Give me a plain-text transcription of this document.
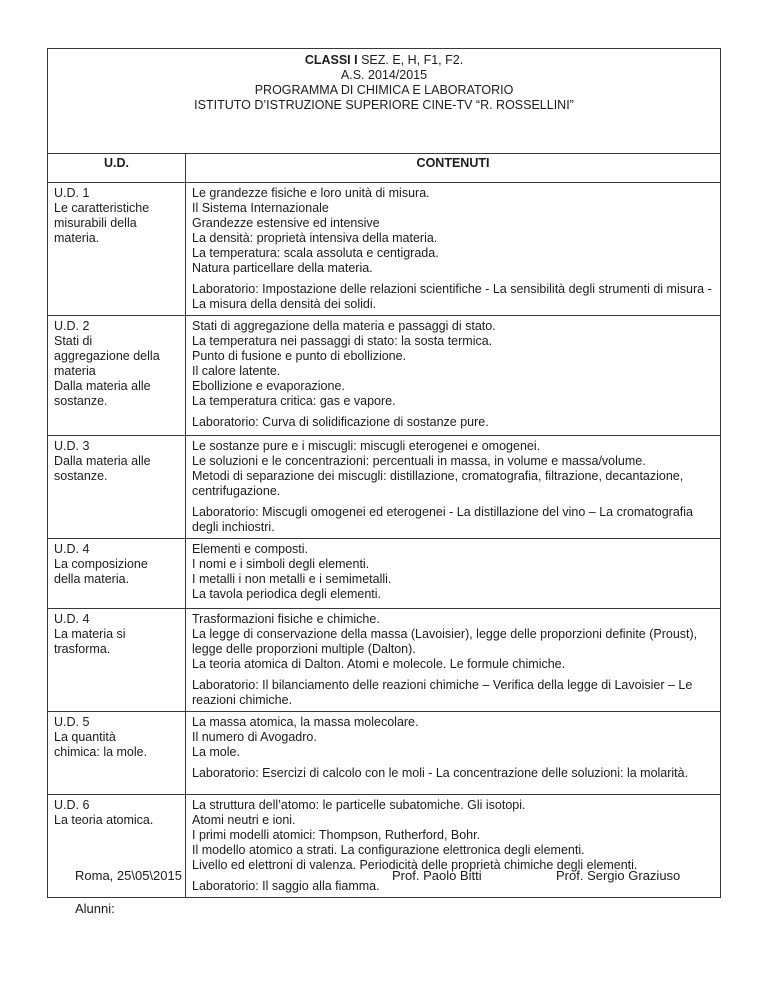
CLASSI I SEZ. E, H, F1, F2.
A.S. 2014/2015
PROGRAMMA DI CHIMICA E LABORATORIO
ISTITUTO D’ISTRUZIONE SUPERIORE CINE-TV “R. ROSSELLINI”	

U.D.	CONTENUTI

U.D. 1
Le caratteristiche
misurabili della
materia.

Le grandezze fisiche e loro unità di misura.
Il Sistema Internazionale
Grandezze estensive ed intensive
La densità: proprietà intensiva della materia.
La temperatura: scala assoluta e centigrada.
Natura particellare della materia.
Laboratorio: Impostazione delle relazioni scientifiche - La sensibilità degli strumenti di misura - La misura della densità dei solidi.

U.D. 2
Stati di
aggregazione della
materia
Dalla materia alle
sostanze.

Stati di aggregazione della materia e passaggi di stato.
La temperatura nei passaggi di stato: la sosta termica.
Punto di fusione e punto di ebollizione.
Il calore latente.
Ebollizione e evaporazione.
La temperatura critica: gas e vapore.
Laboratorio: Curva di solidificazione di sostanze pure.

U.D. 3
Dalla materia alle
sostanze.

Le sostanze pure e i miscugli: miscugli eterogenei e omogenei.
Le soluzioni e le concentrazioni: percentuali in massa, in volume e massa/volume.
Metodi di separazione dei miscugli: distillazione, cromatografia, filtrazione, decantazione, centrifugazione.
Laboratorio: Miscugli omogenei ed eterogenei - La distillazione del vino – La cromatografia degli inchiostri.

U.D. 4
La composizione
della materia.

Elementi e composti.
I nomi e i simboli degli elementi.
I metalli i non metalli e i semimetalli.
La tavola periodica degli elementi.

U.D. 4
La materia si
trasforma.

Trasformazioni fisiche e chimiche.
La legge di conservazione della massa (Lavoisier), legge delle proporzioni definite (Proust), legge delle proporzioni multiple (Dalton).
La teoria atomica di Dalton. Atomi e molecole. Le formule chimiche.
Laboratorio: Il bilanciamento delle reazioni chimiche – Verifica della legge di Lavoisier – Le reazioni chimiche.

U.D. 5
La quantità
chimica: la mole.

La massa atomica, la massa molecolare.
Il numero di Avogadro.
La mole.
Laboratorio: Esercizi di calcolo con le moli - La concentrazione delle soluzioni: la molarità.

U.D. 6
La teoria atomica.

La struttura dell’atomo: le particelle subatomiche. Gli isotopi.
Atomi neutri e ioni.
I primi modelli atomici: Thompson, Rutherford, Bohr.
Il modello atomico a strati. La configurazione elettronica degli elementi.
Livello ed elettroni di valenza. Periodicità delle proprietà chimiche degli elementi.
Laboratorio: Il saggio alla fiamma.
Roma, 25\05\2015	Prof. Paolo Bitti	Prof. Sergio Graziuso
Alunni:
